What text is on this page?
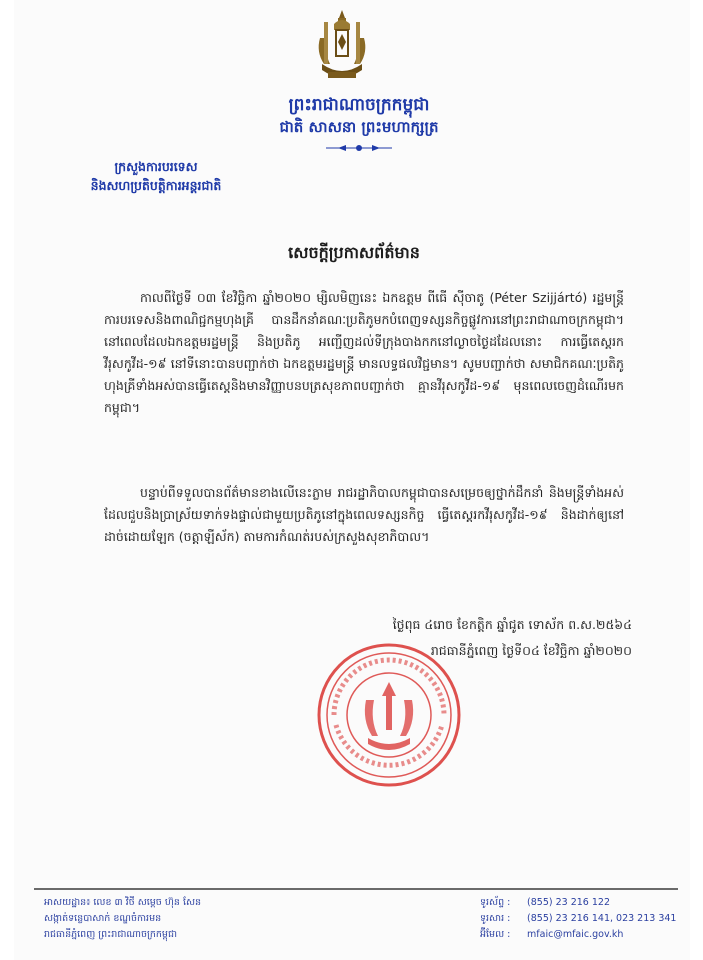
ព្រះរាជាណាចក្រកម្ពុជា
ជាតិ សាសនា ព្រះមហាក្សត្រ
ក្រសួងការបរទេស
និងសហប្រតិបត្តិការអន្តរជាតិ
សេចក្ដីប្រកាសព័ត៌មាន
កាលពីថ្ងៃទី ០៣ ខែវិច្ឆិកា ឆ្នាំ២០២០ ម្សិលមិញនេះ ឯកឧត្តម ពីធើ ស៊ីចាតូ (Péter Szijjártó) រដ្ឋមន្ត្រីការបរទេសនិងពាណិជ្ជកម្មហុងគ្រី បានដឹកនាំគណៈប្រតិភូមកបំពេញទស្សនកិច្ចផ្លូវការនៅព្រះរាជាណាចក្រកម្ពុជា។ នៅពេលដែលឯកឧត្តមរដ្ឋមន្ត្រី និងប្រតិភូ អញ្ជើញដល់ទីក្រុងបាងកកនៅល្ងាចថ្ងៃដដែលនោះ ការធ្វើតេស្តរកវីរុសកូវីដ-១៩ នៅទីនោះបានបញ្ជាក់ថា ឯកឧត្តមរដ្ឋមន្ត្រី មានលទ្ធផលវិជ្ជមាន។ សូមបញ្ជាក់ថា សមាជិកគណៈប្រតិភូហុងគ្រីទាំងអស់បានធ្វើតេស្តនិងមានវិញ្ញាបនបត្រសុខភាពបញ្ជាក់ថា គ្មានវីរុសកូវីដ-១៩ មុនពេលចេញដំណើរមកកម្ពុជា។
បន្ទាប់ពីទទួលបានព័ត៌មានខាងលើនេះភ្លាម រាជរដ្ឋាភិបាលកម្ពុជាបានសម្រេចឲ្យថ្នាក់ដឹកនាំ និងមន្ត្រីទាំងអស់ដែលជួបនិងប្រាស្រ័យទាក់ទងផ្ទាល់ជាមួយប្រតិភូនៅក្នុងពេលទស្សនកិច្ច ធ្វើតេស្តរកវីរុសកូវីដ-១៩ និងដាក់ឲ្យនៅដាច់ដោយឡែក (ចត្តាឡីស័ក) តាមការកំណត់របស់ក្រសួងសុខាភិបាល។
ថ្ងៃពុធ ៤រោច ខែកត្តិក ឆ្នាំជូត ទោស័ក ព.ស.២៥៦៤
រាជធានីភ្នំពេញ ថ្ងៃទី០៤ ខែវិច្ឆិកា ឆ្នាំ២០២០
អាសយដ្ឋាន៖ លេខ ៣ វិថី សម្ដេច ហ៊ុន សែន
សង្កាត់ទន្លេបាសាក់ ខណ្ឌចំការមន
រាជធានីភ្នំពេញ ព្រះរាជាណាចក្រកម្ពុជា
ទូរស័ព្ទ : (855) 23 216 122
ទូរសារ : (855) 23 216 141, 023 213 341
អ៊ីមែល : mfaic@mfaic.gov.kh
